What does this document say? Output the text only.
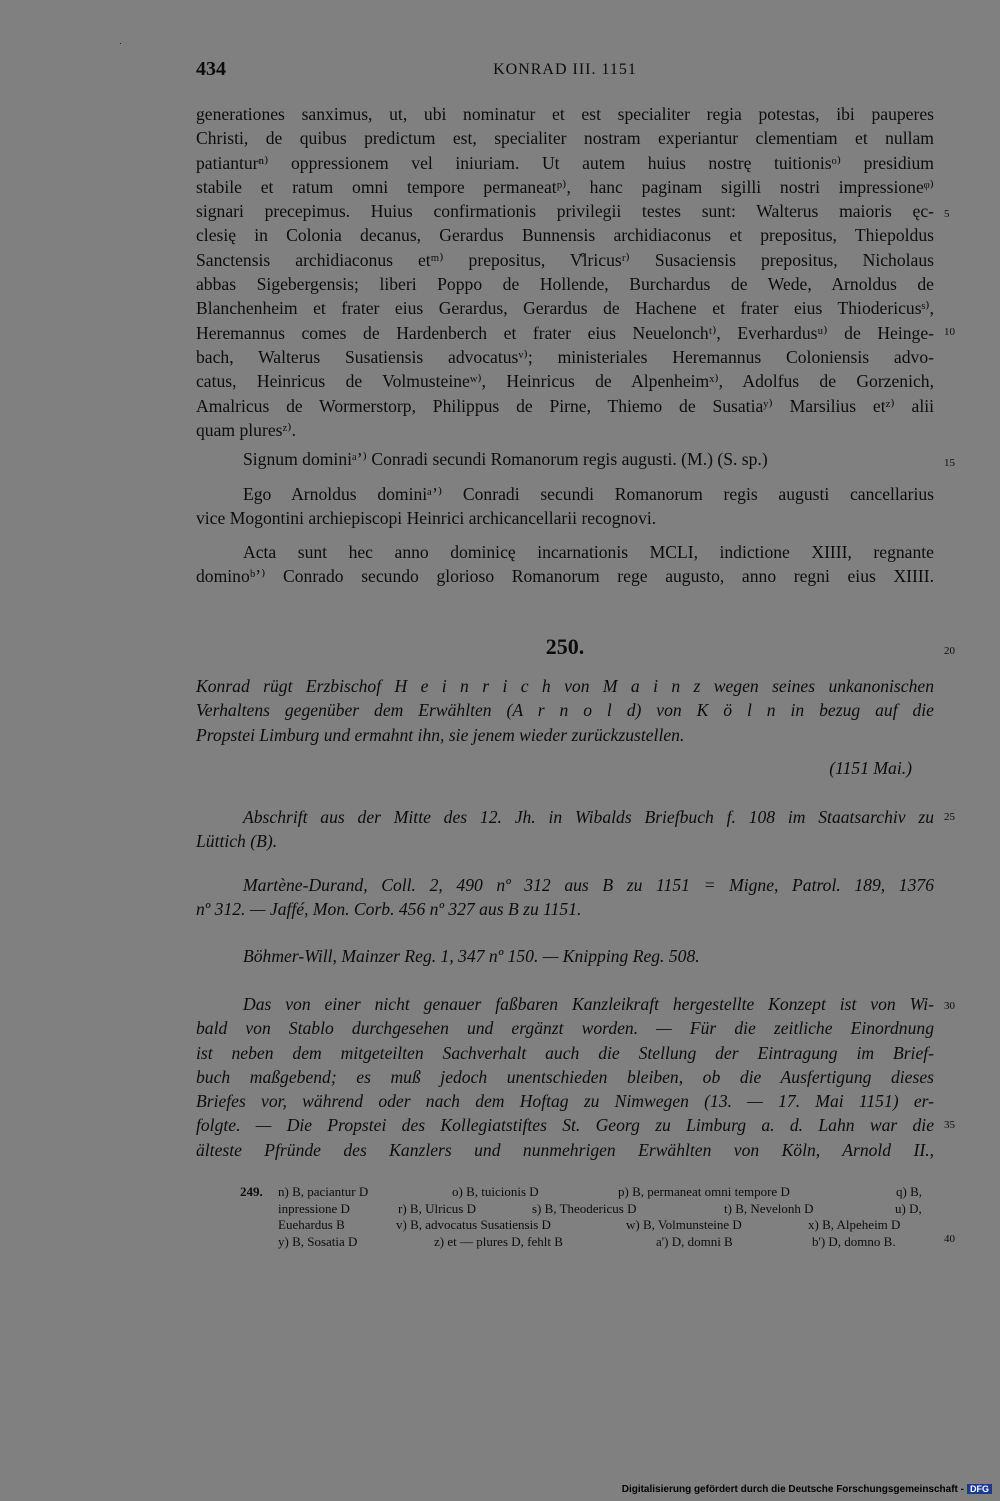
434	KONRAD III. 1151
generationes sanximus, ut, ubi nominatur et est specialiter regia potestas, ibi pauperes
Christi, de quibus predictum est, specialiter nostram experiantur clementiam et nullam
patianturⁿ⁾ oppressionem vel iniuriam. Ut autem huius nostrę tuitionisᵒ⁾ presidium
stabile et ratum omni tempore permaneatᵖ⁾, hanc paginam sigilli nostri impressioneᵠ⁾
signari precepimus. Huius confirmationis privilegii testes sunt: Walterus maioris ęc-
clesię in Colonia decanus, Gerardus Bunnensis archidiaconus et prepositus, Thiepoldus
Sanctensis archidiaconus etᵐ⁾ prepositus, V̊lricusʳ⁾ Susaciensis prepositus, Nicholaus
abbas Sigebergensis; liberi Poppo de Hollende, Burchardus de Wede, Arnoldus de
Blanchenheim et frater eius Gerardus, Gerardus de Hachene et frater eius Thiodericusˢ⁾,
Heremannus comes de Hardenberch et frater eius Neuelonchᵗ⁾, Everhardusᵘ⁾ de Heinge-
bach, Walterus Susatiensis advocatusᵛ⁾; ministeriales Heremannus Coloniensis advo-
catus, Heinricus de Volmusteineʷ⁾, Heinricus de Alpenheimˣ⁾, Adolfus de Gorzenich,
Amalricus de Wormerstorp, Philippus de Pirne, Thiemo de Susatiaʸ⁾ Marsilius etᶻ⁾ alii
quam pluresᶻ⁾.
Signum dominiᵃ’⁾ Conradi secundi Romanorum regis augusti. (M.) (S. sp.)
Ego Arnoldus dominiᵃ’⁾ Conradi secundi Romanorum regis augusti cancellarius
vice Mogontini archiepiscopi Heinrici archicancellarii recognovi.
Acta sunt hec anno dominicę incarnationis MCLI, indictione XIIII, regnante
dominoᵇ’⁾ Conrado secundo glorioso Romanorum rege augusto, anno regni eius XIIII.
250.
Konrad rügt Erzbischof H e i n r i c h von M a i n z wegen seines unkanonischen
Verhaltens gegenüber dem Erwählten (A r n o l d) von K ö l n in bezug auf die
Propstei Limburg und ermahnt ihn, sie jenem wieder zurückzustellen.
(1151 Mai.)
Abschrift aus der Mitte des 12. Jh. in Wibalds Briefbuch f. 108 im Staatsarchiv zu
Lüttich (B).
Martène-Durand, Coll. 2, 490 nº 312 aus B zu 1151 = Migne, Patrol. 189, 1376
nº 312. — Jaffé, Mon. Corb. 456 nº 327 aus B zu 1151.
Böhmer-Will, Mainzer Reg. 1, 347 nº 150. — Knipping Reg. 508.
Das von einer nicht genauer faßbaren Kanzleikraft hergestellte Konzept ist von Wi-
bald von Stablo durchgesehen und ergänzt worden. — Für die zeitliche Einordnung
ist neben dem mitgeteilten Sachverhalt auch die Stellung der Eintragung im Brief-
buch maßgebend; es muß jedoch unentschieden bleiben, ob die Ausfertigung dieses
Briefes vor, während oder nach dem Hoftag zu Nimwegen (13. — 17. Mai 1151) er-
folgte. — Die Propstei des Kollegiatstiftes St. Georg zu Limburg a. d. Lahn war die
älteste Pfründe des Kanzlers und nunmehrigen Erwählten von Köln, Arnold II.,
5
10
15
20
25
30
35
40
249. n) B, paciantur D	o) B, tuicionis D	p) B, permaneat omni tempore D	q) B,
inpressione D	r) B, Ulricus D	s) B, Theodericus D	t) B, Nevelonh D	u) D,
Euehardus B	v) B, advocatus Susatiensis D	w) B, Volmunsteine D	x) B, Alpeheim D
y) B, Sosatia D	z) et — plures D, fehlt B	a') D, domni B	b') D, domno B.
Digitalisierung gefördert durch die Deutsche Forschungsgemeinschaft - DFG
